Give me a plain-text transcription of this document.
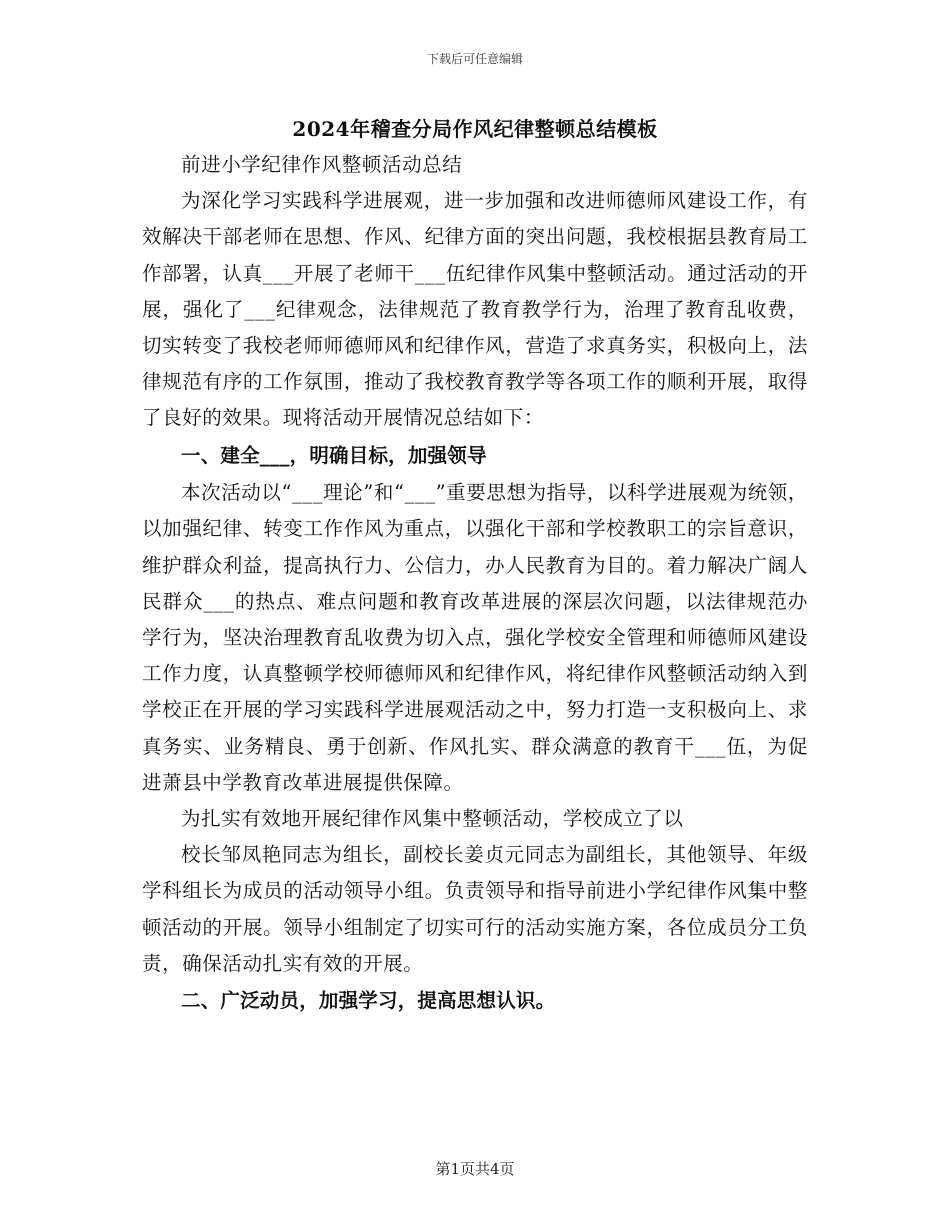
下载后可任意编辑
2024年稽查分局作风纪律整顿总结模板

前进小学纪律作风整顿活动总结

为深化学习实践科学进展观，进一步加强和改进师德师风建设工作，有效解决干部老师在思想、作风、纪律方面的突出问题，我校根据县教育局工作部署，认真___开展了老师干___伍纪律作风集中整顿活动。通过活动的开展，强化了___纪律观念，法律规范了教育教学行为，治理了教育乱收费，切实转变了我校老师师德师风和纪律作风，营造了求真务实，积极向上，法律规范有序的工作氛围，推动了我校教育教学等各项工作的顺利开展，取得了良好的效果。现将活动开展情况总结如下：

一、建全___，明确目标，加强领导

本次活动以“___理论”和“___”重要思想为指导，以科学进展观为统领，以加强纪律、转变工作作风为重点，以强化干部和学校教职工的宗旨意识，维护群众利益，提高执行力、公信力，办人民教育为目的。着力解决广阔人民群众___的热点、难点问题和教育改革进展的深层次问题，以法律规范办学行为，坚决治理教育乱收费为切入点，强化学校安全管理和师德师风建设工作力度，认真整顿学校师德师风和纪律作风，将纪律作风整顿活动纳入到学校正在开展的学习实践科学进展观活动之中，努力打造一支积极向上、求真务实、业务精良、勇于创新、作风扎实、群众满意的教育干___伍，为促进萧县中学教育改革进展提供保障。

为扎实有效地开展纪律作风集中整顿活动，学校成立了以

校长邹凤艳同志为组长，副校长姜贞元同志为副组长，其他领导、年级学科组长为成员的活动领导小组。负责领导和指导前进小学纪律作风集中整顿活动的开展。领导小组制定了切实可行的活动实施方案，各位成员分工负责，确保活动扎实有效的开展。

二、广泛动员，加强学习，提高思想认识。

第1页共4页
